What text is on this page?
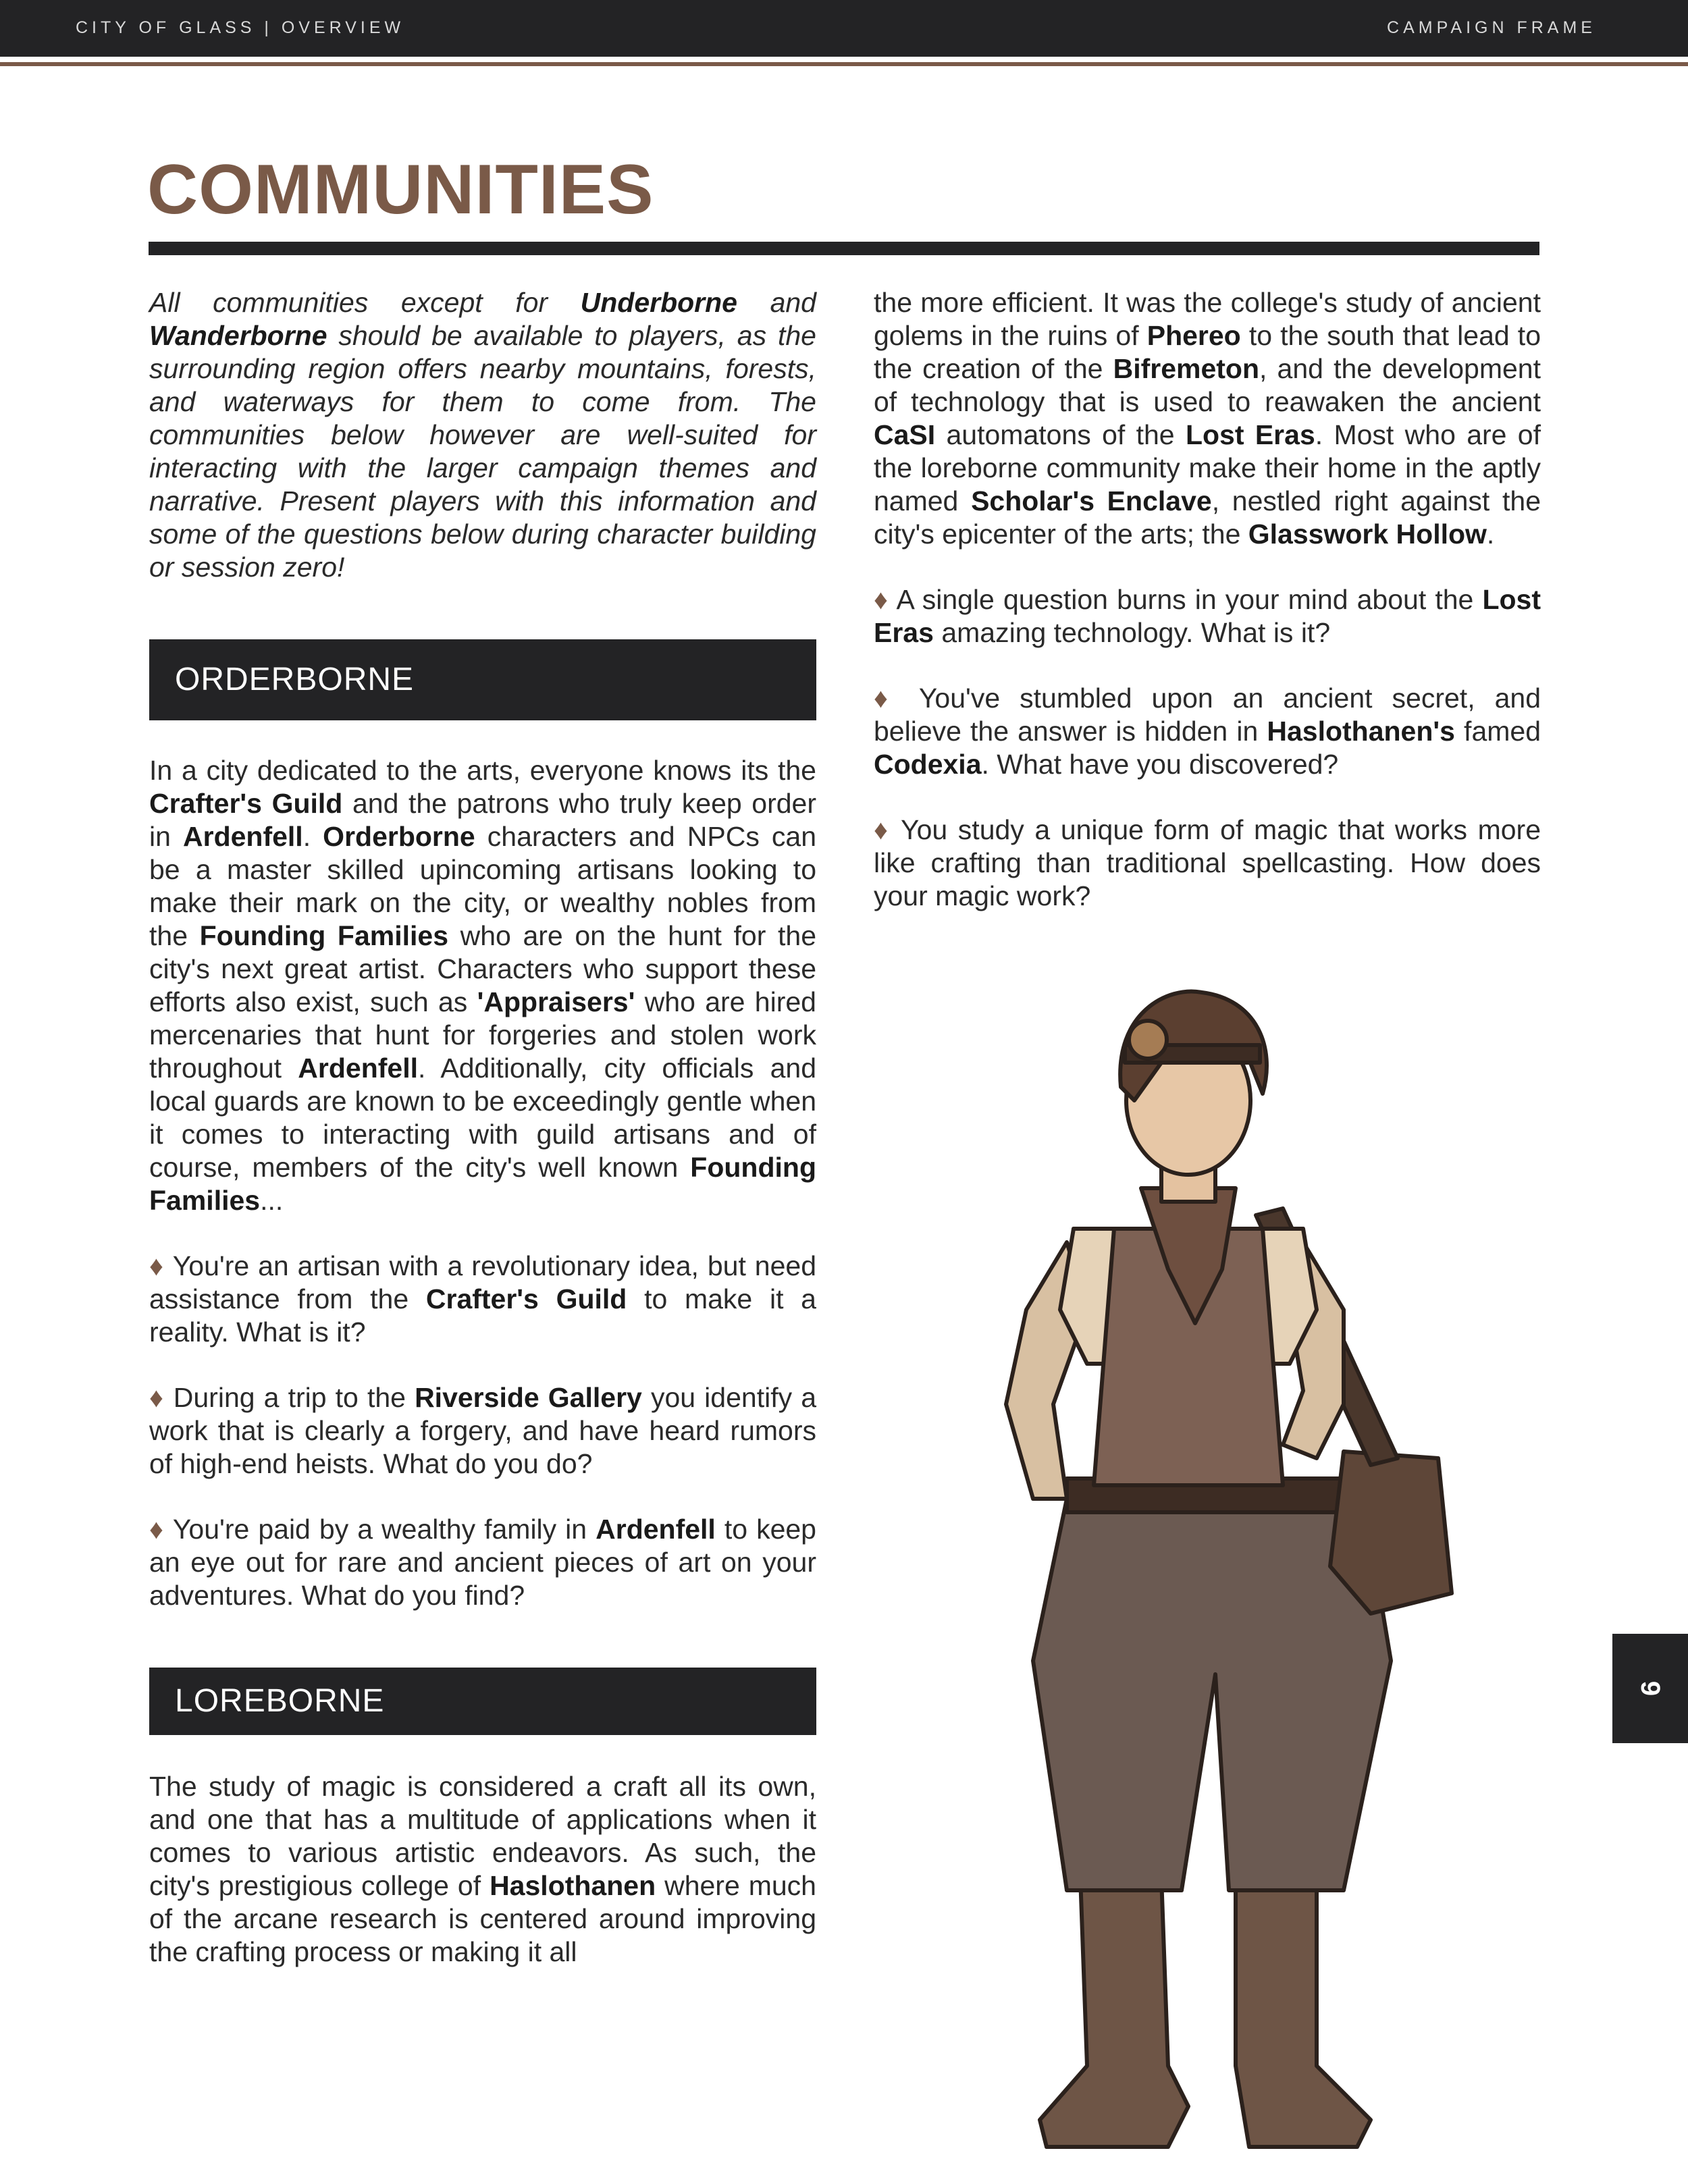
CITY OF GLASS | OVERVIEW	CAMPAIGN FRAME
COMMUNITIES

All communities except for Underborne and Wanderborne should be available to players, as the surrounding region offers nearby mountains, forests, and waterways for them to come from. The communities below however are well-suited for interacting with the larger campaign themes and narrative. Present players with this information and some of the questions below during character building or session zero!

ORDERBORNE

In a city dedicated to the arts, everyone knows its the Crafter's Guild and the patrons who truly keep order in Ardenfell. Orderborne characters and NPCs can be a master skilled upincoming artisans looking to make their mark on the city, or wealthy nobles from the Founding Families who are on the hunt for the city's next great artist. Characters who support these efforts also exist, such as 'Appraisers' who are hired mercenaries that hunt for forgeries and stolen work throughout Ardenfell. Additionally, city officials and local guards are known to be exceedingly gentle when it comes to interacting with guild artisans and of course, members of the city's well known Founding Families...

♦ You're an artisan with a revolutionary idea, but need assistance from the Crafter's Guild to make it a reality. What is it?

♦ During a trip to the Riverside Gallery you identify a work that is clearly a forgery, and have heard rumors of high-end heists. What do you do?

♦ You're paid by a wealthy family in Ardenfell to keep an eye out for rare and ancient pieces of art on your adventures. What do you find?

LOREBORNE

The study of magic is considered a craft all its own, and one that has a multitude of applications when it comes to various artistic endeavors. As such, the city's prestigious college of Haslothanen where much of the arcane research is centered around improving the crafting process or making it all

the more efficient. It was the college's study of ancient golems in the ruins of Phereo to the south that lead to the creation of the Bifremeton, and the development of technology that is used to reawaken the ancient CaSI automatons of the Lost Eras. Most who are of the loreborne community make their home in the aptly named Scholar's Enclave, nestled right against the city's epicenter of the arts; the Glasswork Hollow.

♦ A single question burns in your mind about the Lost Eras amazing technology. What is it?

♦ You've stumbled upon an ancient secret, and believe the answer is hidden in Haslothanen's famed Codexia. What have you discovered?

♦ You study a unique form of magic that works more like crafting than traditional spellcasting. How does your magic work?

9
